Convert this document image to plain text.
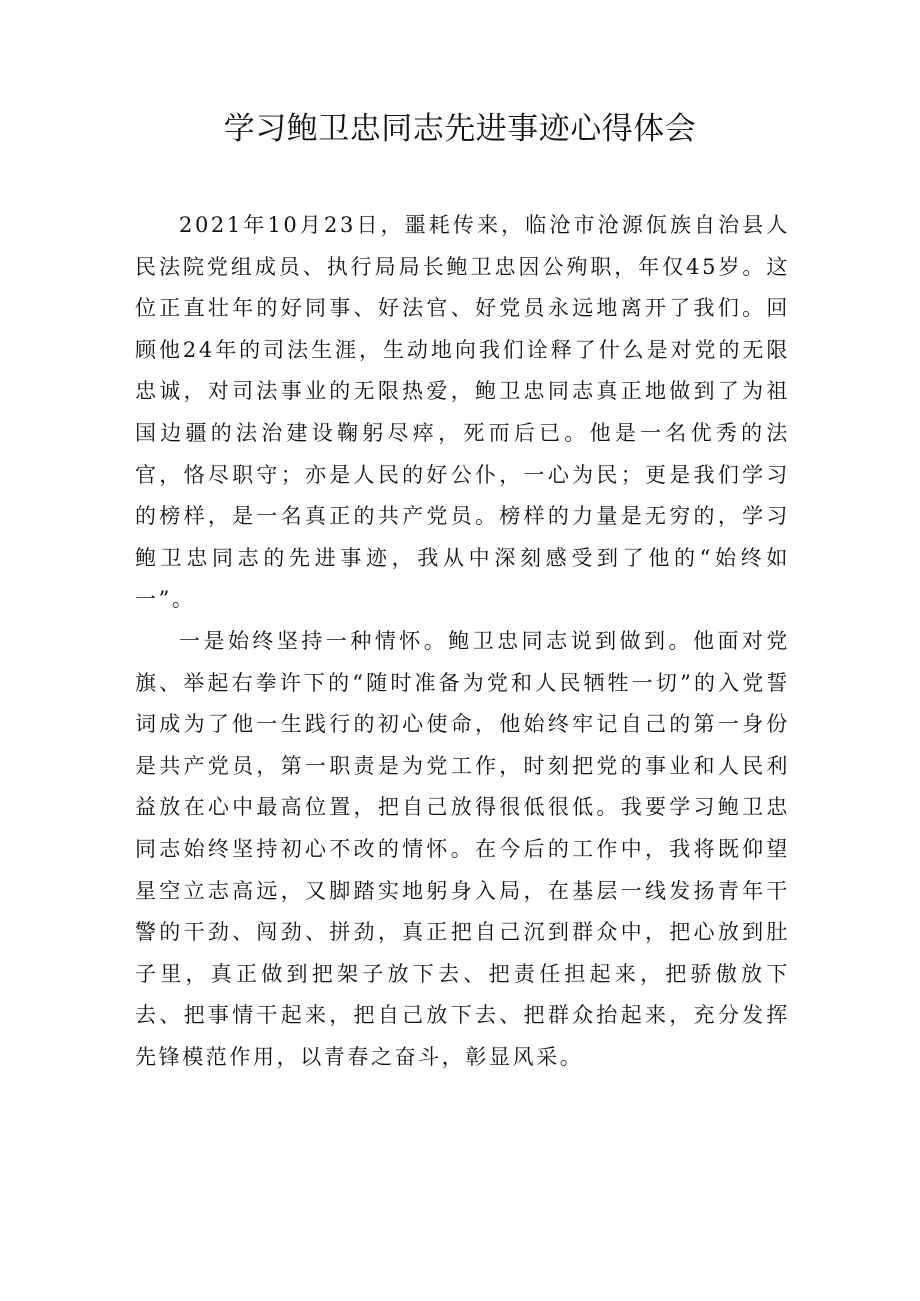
学习鲍卫忠同志先进事迹心得体会

2021年10月23日，噩耗传来，临沧市沧源佤族自治县人民法院党组成员、执行局局长鲍卫忠因公殉职，年仅45岁。这位正直壮年的好同事、好法官、好党员永远地离开了我们。回顾他24年的司法生涯，生动地向我们诠释了什么是对党的无限忠诚，对司法事业的无限热爱，鲍卫忠同志真正地做到了为祖国边疆的法治建设鞠躬尽瘁，死而后已。他是一名优秀的法官，恪尽职守；亦是人民的好公仆，一心为民；更是我们学习的榜样，是一名真正的共产党员。榜样的力量是无穷的，学习鲍卫忠同志的先进事迹，我从中深刻感受到了他的“始终如一”。

一是始终坚持一种情怀。鲍卫忠同志说到做到。他面对党旗、举起右拳许下的“随时准备为党和人民牺牲一切”的入党誓词成为了他一生践行的初心使命，他始终牢记自己的第一身份是共产党员，第一职责是为党工作，时刻把党的事业和人民利益放在心中最高位置，把自己放得很低很低。我要学习鲍卫忠同志始终坚持初心不改的情怀。在今后的工作中，我将既仰望星空立志高远，又脚踏实地躬身入局，在基层一线发扬青年干警的干劲、闯劲、拼劲，真正把自己沉到群众中，把心放到肚子里，真正做到把架子放下去、把责任担起来，把骄傲放下去、把事情干起来，把自己放下去、把群众抬起来，充分发挥先锋模范作用，以青春之奋斗，彰显风采。
